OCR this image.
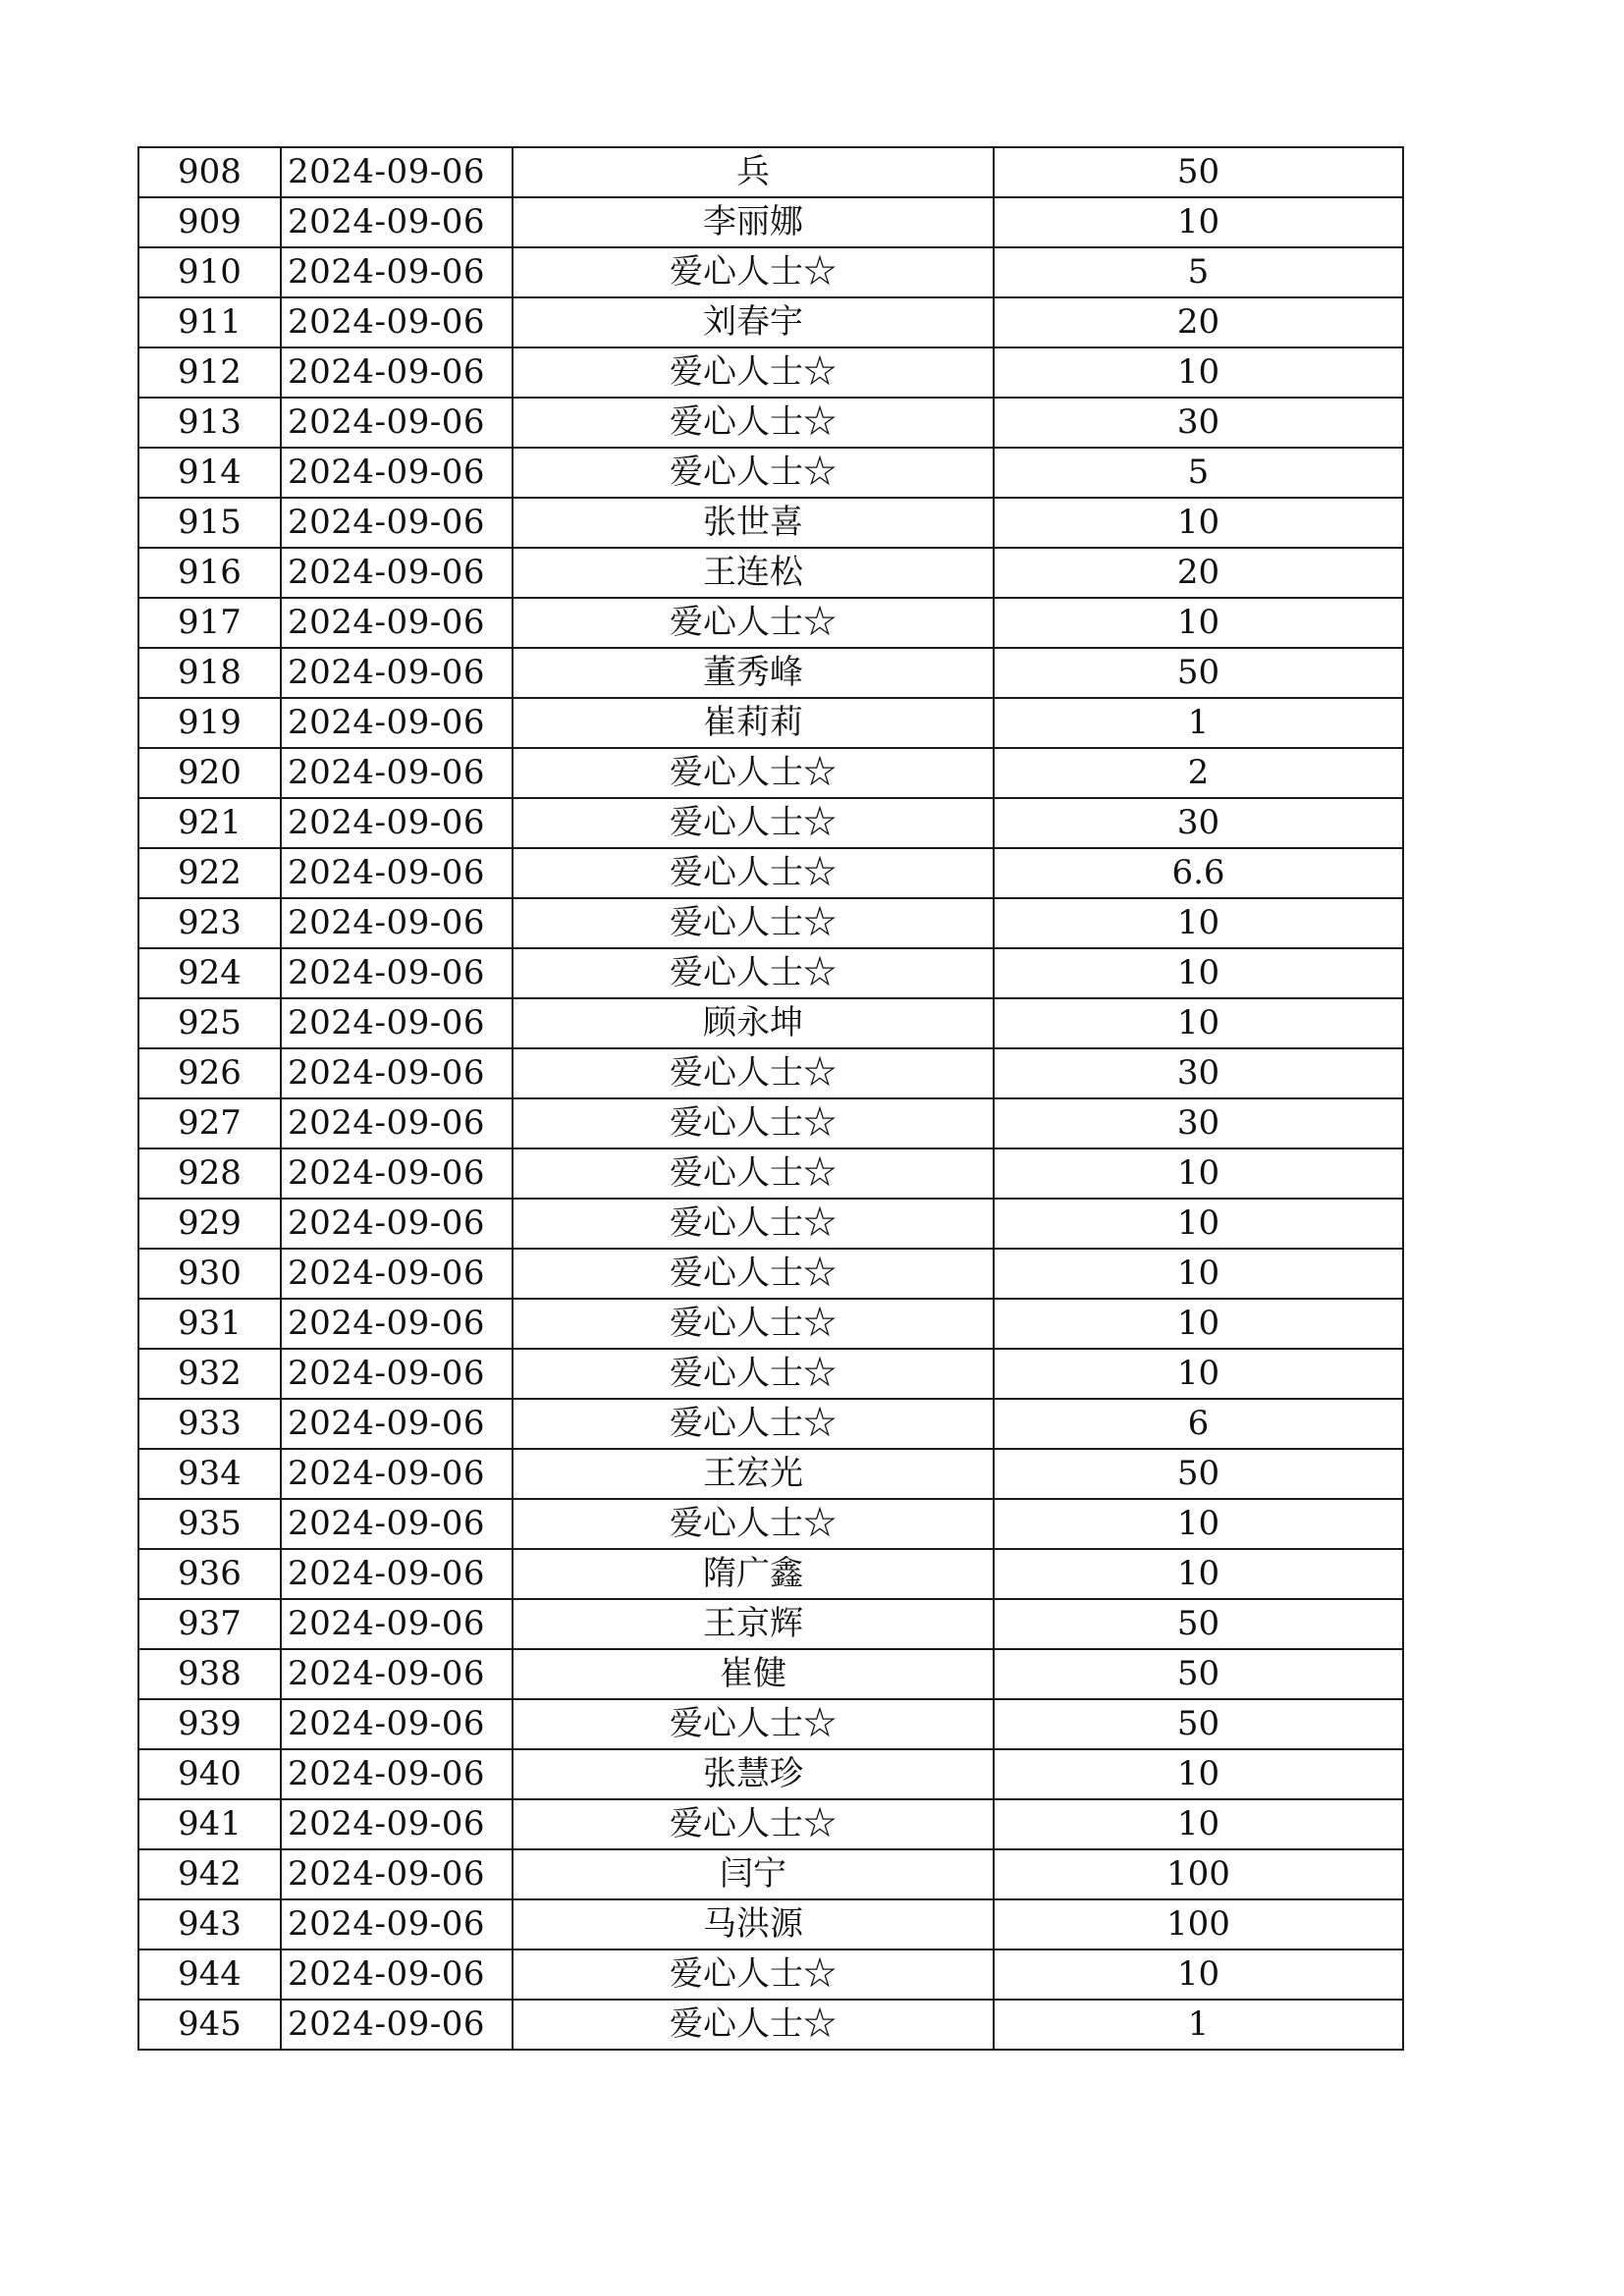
908	2024-09-06	兵	50
909	2024-09-06	李丽娜	10
910	2024-09-06	爱心人士☆	5
911	2024-09-06	刘春宇	20
912	2024-09-06	爱心人士☆	10
913	2024-09-06	爱心人士☆	30
914	2024-09-06	爱心人士☆	5
915	2024-09-06	张世喜	10
916	2024-09-06	王连松	20
917	2024-09-06	爱心人士☆	10
918	2024-09-06	董秀峰	50
919	2024-09-06	崔莉莉	1
920	2024-09-06	爱心人士☆	2
921	2024-09-06	爱心人士☆	30
922	2024-09-06	爱心人士☆	6.6
923	2024-09-06	爱心人士☆	10
924	2024-09-06	爱心人士☆	10
925	2024-09-06	顾永坤	10
926	2024-09-06	爱心人士☆	30
927	2024-09-06	爱心人士☆	30
928	2024-09-06	爱心人士☆	10
929	2024-09-06	爱心人士☆	10
930	2024-09-06	爱心人士☆	10
931	2024-09-06	爱心人士☆	10
932	2024-09-06	爱心人士☆	10
933	2024-09-06	爱心人士☆	6
934	2024-09-06	王宏光	50
935	2024-09-06	爱心人士☆	10
936	2024-09-06	隋广鑫	10
937	2024-09-06	王京辉	50
938	2024-09-06	崔健	50
939	2024-09-06	爱心人士☆	50
940	2024-09-06	张慧珍	10
941	2024-09-06	爱心人士☆	10
942	2024-09-06	闫宁	100
943	2024-09-06	马洪源	100
944	2024-09-06	爱心人士☆	10
945	2024-09-06	爱心人士☆	1
